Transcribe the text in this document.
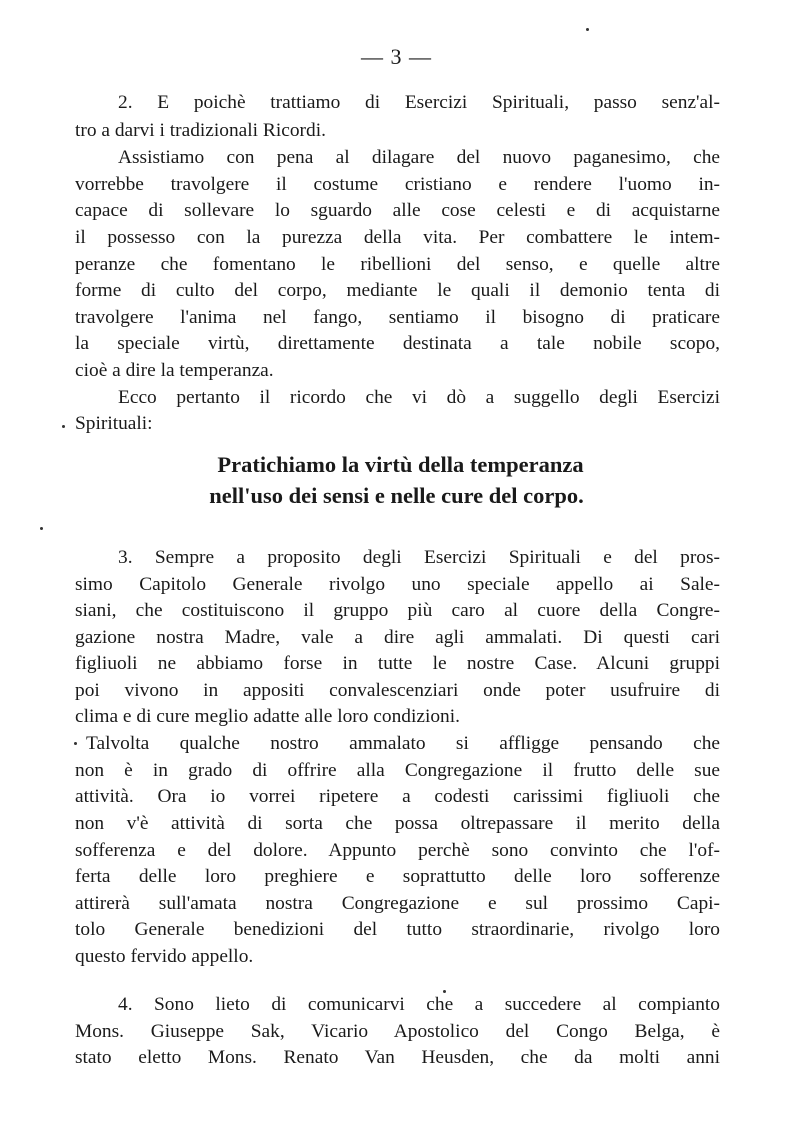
— 3 —
2. E poichè trattiamo di Esercizi Spirituali, passo senz'al-
tro a darvi i tradizionali Ricordi.
Assistiamo con pena al dilagare del nuovo paganesimo, che
vorrebbe travolgere il costume cristiano e rendere l'uomo in-
capace di sollevare lo sguardo alle cose celesti e di acquistarne
il possesso con la purezza della vita. Per combattere le intem-
peranze che fomentano le ribellioni del senso, e quelle altre
forme di culto del corpo, mediante le quali il demonio tenta di
travolgere l'anima nel fango, sentiamo il bisogno di praticare
la speciale virtù, direttamente destinata a tale nobile scopo,
cioè a dire la temperanza.
Ecco pertanto il ricordo che vi dò a suggello degli Esercizi
Spirituali:
Pratichiamo la virtù della temperanza
nell'uso dei sensi e nelle cure del corpo.
3. Sempre a proposito degli Esercizi Spirituali e del pros-
simo Capitolo Generale rivolgo uno speciale appello ai Sale-
siani, che costituiscono il gruppo più caro al cuore della Congre-
gazione nostra Madre, vale a dire agli ammalati. Di questi cari
figliuoli ne abbiamo forse in tutte le nostre Case. Alcuni gruppi
poi vivono in appositi convalescenziari onde poter usufruire di
clima e di cure meglio adatte alle loro condizioni.
Talvolta qualche nostro ammalato si affligge pensando che
non è in grado di offrire alla Congregazione il frutto delle sue
attività. Ora io vorrei ripetere a codesti carissimi figliuoli che
non v'è attività di sorta che possa oltrepassare il merito della
sofferenza e del dolore. Appunto perchè sono convinto che l'of-
ferta delle loro preghiere e soprattutto delle loro sofferenze
attirerà sull'amata nostra Congregazione e sul prossimo Capi-
tolo Generale benedizioni del tutto straordinarie, rivolgo loro
questo fervido appello.
4. Sono lieto di comunicarvi che a succedere al compianto
Mons. Giuseppe Sak, Vicario Apostolico del Congo Belga, è
stato eletto Mons. Renato Van Heusden, che da molti anni
